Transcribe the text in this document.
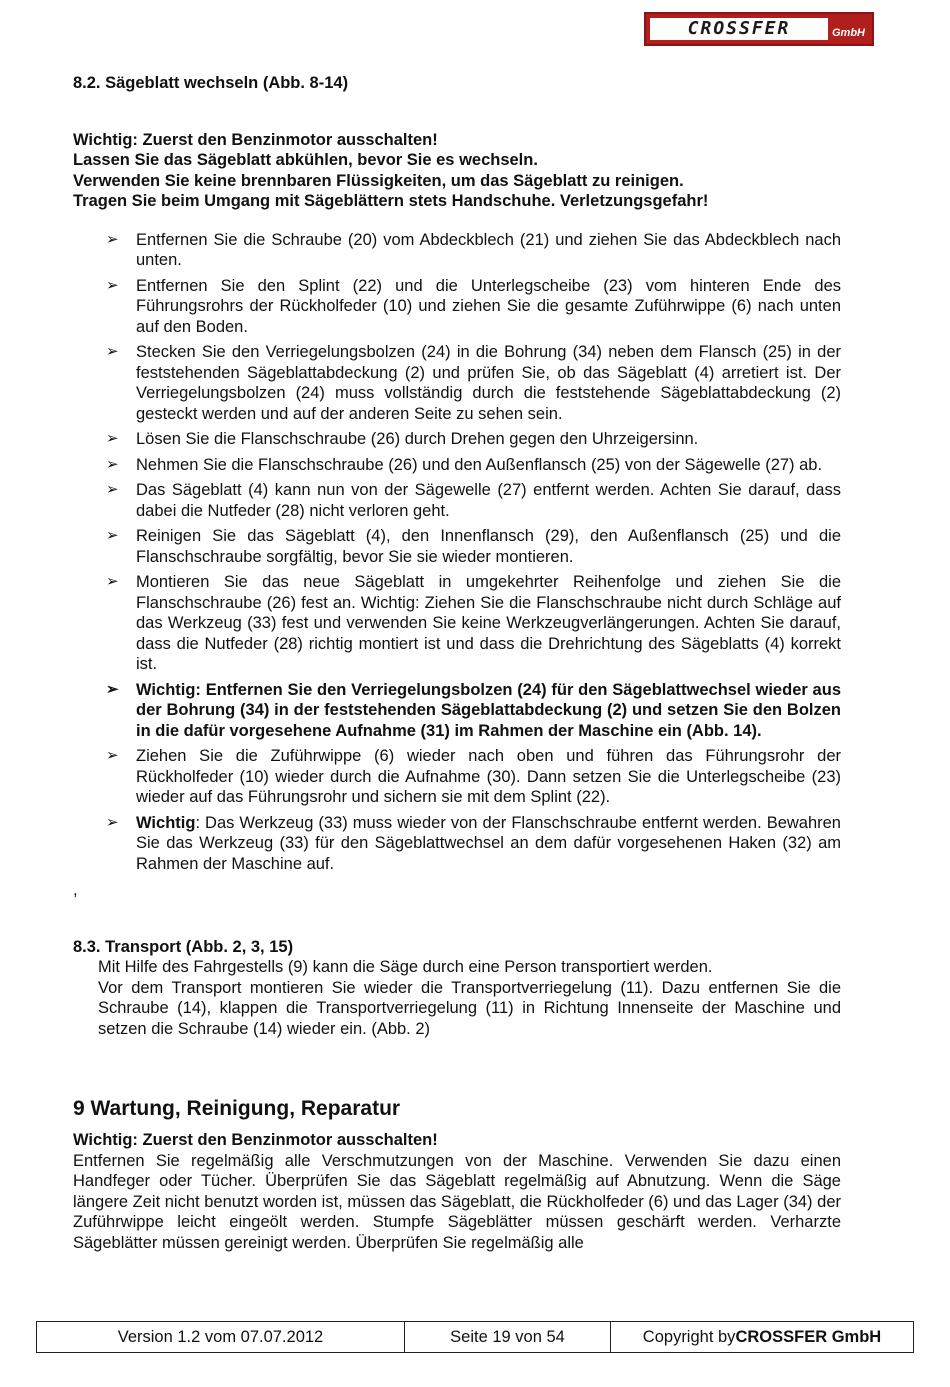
CROSSFER	GmbH

8.2. Sägeblatt wechseln (Abb. 8-14)

Wichtig: Zuerst den Benzinmotor ausschalten!

Lassen Sie das Sägeblatt abkühlen, bevor Sie es wechseln.

Verwenden Sie keine brennbaren Flüssigkeiten, um das Sägeblatt zu reinigen.

Tragen Sie beim Umgang mit Sägeblättern stets Handschuhe. Verletzungsgefahr!

➢ Entfernen Sie die Schraube (20) vom Abdeckblech (21) und ziehen Sie das Abdeckblech nach unten.
➢ Entfernen Sie den Splint (22) und die Unterlegscheibe (23) vom hinteren Ende des Führungsrohrs der Rückholfeder (10) und ziehen Sie die gesamte Zuführwippe (6) nach unten auf den Boden.
➢ Stecken Sie den Verriegelungsbolzen (24) in die Bohrung (34) neben dem Flansch (25) in der feststehenden Sägeblattabdeckung (2) und prüfen Sie, ob das Sägeblatt (4) arretiert ist. Der Verriegelungsbolzen (24) muss vollständig durch die feststehende Sägeblattabdeckung (2) gesteckt werden und auf der anderen Seite zu sehen sein.
➢ Lösen Sie die Flanschschraube (26) durch Drehen gegen den Uhrzeigersinn.
➢ Nehmen Sie die Flanschschraube (26) und den Außenflansch (25) von der Sägewelle (27) ab.
➢ Das Sägeblatt (4) kann nun von der Sägewelle (27) entfernt werden. Achten Sie darauf, dass dabei die Nutfeder (28) nicht verloren geht.
➢ Reinigen Sie das Sägeblatt (4), den Innenflansch (29), den Außenflansch (25) und die Flanschschraube sorgfältig, bevor Sie sie wieder montieren.
➢ Montieren Sie das neue Sägeblatt in umgekehrter Reihenfolge und ziehen Sie die Flanschschraube (26) fest an. Wichtig: Ziehen Sie die Flanschschraube nicht durch Schläge auf das Werkzeug (33) fest und verwenden Sie keine Werkzeugverlängerungen. Achten Sie darauf, dass die Nutfeder (28) richtig montiert ist und dass die Drehrichtung des Sägeblatts (4) korrekt ist.
➢ Wichtig: Entfernen Sie den Verriegelungsbolzen (24) für den Sägeblattwechsel wieder aus der Bohrung (34) in der feststehenden Sägeblattabdeckung (2) und setzen Sie den Bolzen in die dafür vorgesehene Aufnahme (31) im Rahmen der Maschine ein (Abb. 14).
➢ Ziehen Sie die Zuführwippe (6) wieder nach oben und führen das Führungsrohr der Rückholfeder (10) wieder durch die Aufnahme (30). Dann setzen Sie die Unterlegscheibe (23) wieder auf das Führungsrohr und sichern sie mit dem Splint (22).
➢ Wichtig: Das Werkzeug (33) muss wieder von der Flanschschraube entfernt werden. Bewahren Sie das Werkzeug (33) für den Sägeblattwechsel an dem dafür vorgesehenen Haken (32) am Rahmen der Maschine auf.

,

8.3. Transport (Abb. 2, 3, 15)

Mit Hilfe des Fahrgestells (9) kann die Säge durch eine Person transportiert werden.

Vor dem Transport montieren Sie wieder die Transportverriegelung (11). Dazu entfernen Sie die Schraube (14), klappen die Transportverriegelung (11) in Richtung Innenseite der Maschine und setzen die Schraube (14) wieder ein. (Abb. 2)

9 Wartung, Reinigung, Reparatur

Wichtig: Zuerst den Benzinmotor ausschalten!

Entfernen Sie regelmäßig alle Verschmutzungen von der Maschine. Verwenden Sie dazu einen Handfeger oder Tücher. Überprüfen Sie das Sägeblatt regelmäßig auf Abnutzung. Wenn die Säge längere Zeit nicht benutzt worden ist, müssen das Sägeblatt, die Rückholfeder (6) und das Lager (34) der Zuführwippe leicht eingeölt werden. Stumpfe Sägeblätter müssen geschärft werden. Verharzte Sägeblätter müssen gereinigt werden. Überprüfen Sie regelmäßig alle

Version 1.2 vom 07.07.2012	Seite 19 von 54	Copyright by CROSSFER GmbH
